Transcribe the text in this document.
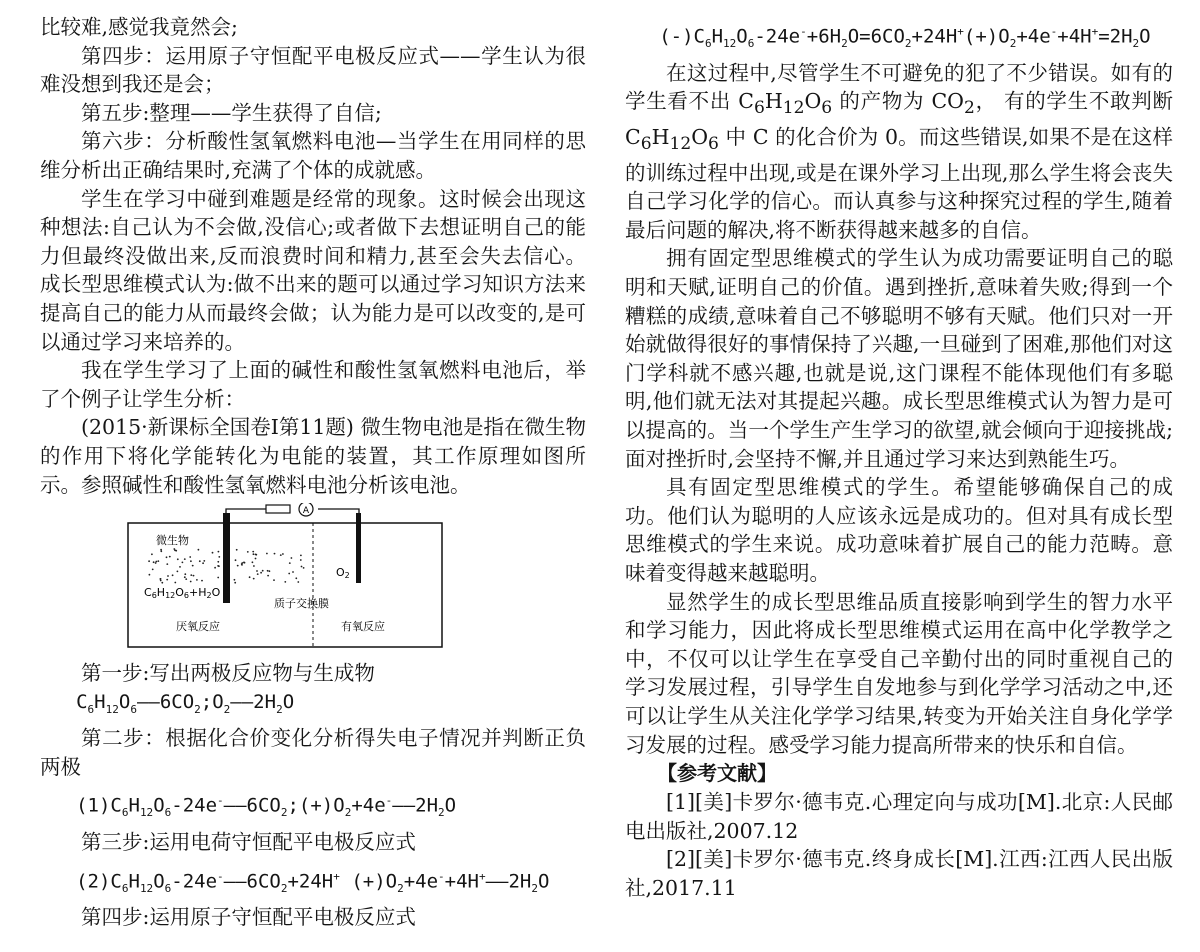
比较难,感觉我竟然会;

第四步：运用原子守恒配平电极反应式——学生认为很难没想到我还是会；

第五步:整理——学生获得了自信;

第六步：分析酸性氢氧燃料电池—当学生在用同样的思维分析出正确结果时,充满了个体的成就感。

学生在学习中碰到难题是经常的现象。这时候会出现这种想法:自己认为不会做,没信心;或者做下去想证明自己的能力但最终没做出来,反而浪费时间和精力,甚至会失去信心。成长型思维模式认为:做不出来的题可以通过学习知识方法来提高自己的能力从而最终会做；认为能力是可以改变的,是可以通过学习来培养的。

我在学生学习了上面的碱性和酸性氢氧燃料电池后，举了个例子让学生分析：

(2015·新课标全国卷Ⅰ第11题) 微生物电池是指在微生物的作用下将化学能转化为电能的装置，其工作原理如图所示。参照碱性和酸性氢氧燃料电池分析该电池。

A
微生物
C6H12O6+H2O
质子交换膜
O2
厌氧反应	有氧反应

第一步:写出两极反应物与生成物

$C_6H_{12}O_6——6CO_2;O_2——2H_2O$

第二步：根据化合价变化分析得失电子情况并判断正负两极

$(1)C_6H_{12}O_6-24e^-——6CO_2;(+)O_2+4e^-——2H_2O$

第三步:运用电荷守恒配平电极反应式

$(2)C_6H_{12}O_6-24e^-——6CO_2+24H^+$ $(+)O_2+4e^-+4H^+——2H_2O$

第四步:运用原子守恒配平电极反应式

$(-)C_6H_{12}O_6-24e^-+6H_2O=6CO_2+24H^+(+)O_2+4e^-+4H^+=2H_2O$

在这过程中,尽管学生不可避免的犯了不少错误。如有的学生看不出 $C_6H_{12}O_6$ 的产物为 $CO_2$， 有的学生不敢判断 $C_6H_{12}O_6$ 中 C 的化合价为 0。而这些错误,如果不是在这样的训练过程中出现,或是在课外学习上出现,那么学生将会丧失自己学习化学的信心。而认真参与这种探究过程的学生,随着最后问题的解决,将不断获得越来越多的自信。

拥有固定型思维模式的学生认为成功需要证明自己的聪明和天赋,证明自己的价值。遇到挫折,意味着失败;得到一个糟糕的成绩,意味着自己不够聪明不够有天赋。他们只对一开始就做得很好的事情保持了兴趣,一旦碰到了困难,那他们对这门学科就不感兴趣,也就是说,这门课程不能体现他们有多聪明,他们就无法对其提起兴趣。成长型思维模式认为智力是可以提高的。当一个学生产生学习的欲望,就会倾向于迎接挑战;面对挫折时,会坚持不懈,并且通过学习来达到熟能生巧。

具有固定型思维模式的学生。希望能够确保自己的成功。他们认为聪明的人应该永远是成功的。但对具有成长型思维模式的学生来说。成功意味着扩展自己的能力范畴。意味着变得越来越聪明。

显然学生的成长型思维品质直接影响到学生的智力水平和学习能力，因此将成长型思维模式运用在高中化学教学之中，不仅可以让学生在享受自己辛勤付出的同时重视自己的学习发展过程，引导学生自发地参与到化学学习活动之中,还可以让学生从关注化学学习结果,转变为开始关注自身化学学习发展的过程。感受学习能力提高所带来的快乐和自信。

【参考文献】

[1][美]卡罗尔·德韦克.心理定向与成功[M].北京:人民邮电出版社,2007.12

[2][美]卡罗尔·德韦克.终身成长[M].江西:江西人民出版社,2017.11
